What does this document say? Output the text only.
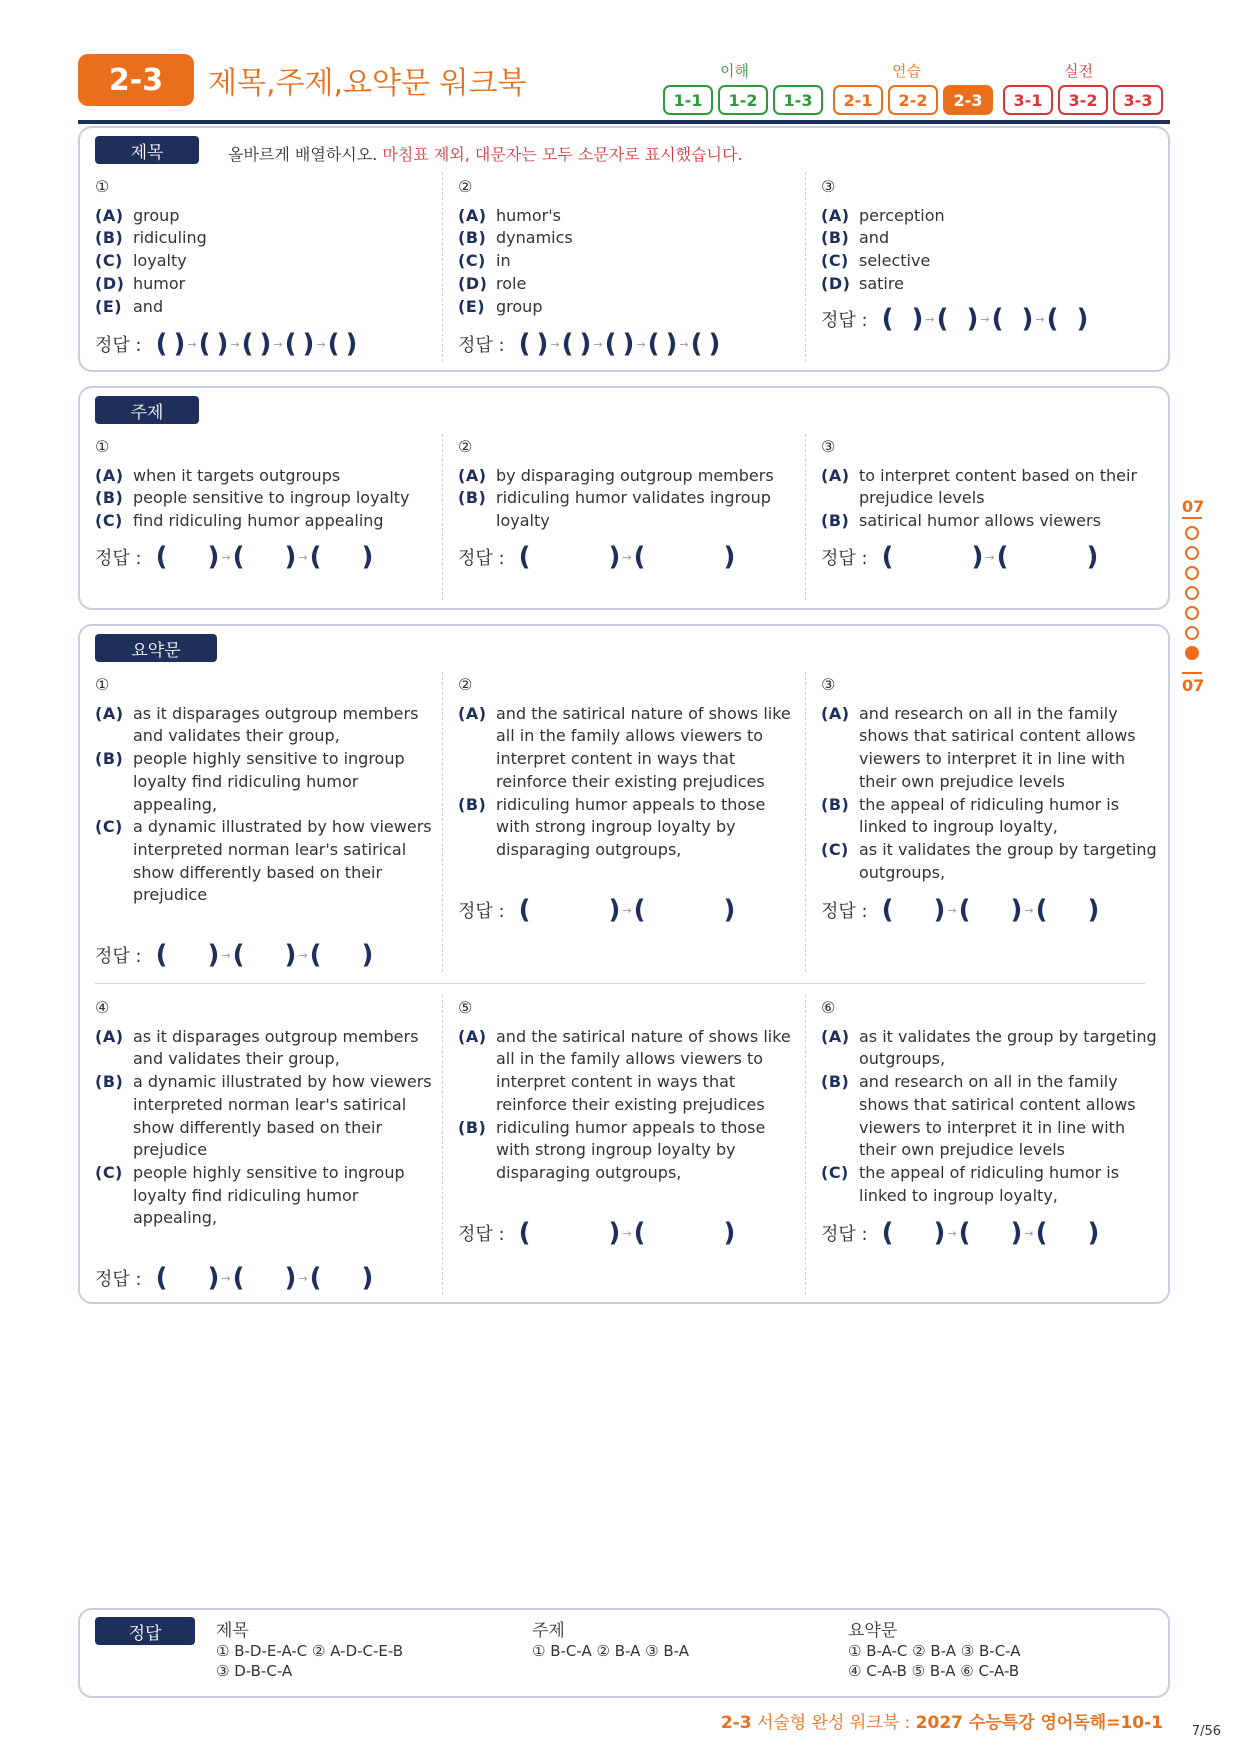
2-3	제목,주제,요약문 워크북	이해	연습	실전
1-1	1-2	1-3	2-1	2-2	2-3	3-1	3-2	3-3
제목	올바르게 배열하시오. 마침표 제외, 대문자는 모두 소문자로 표시했습니다.
①
(A) group
(B) ridiculing
(C) loyalty
(D) humor
(E) and
②
(A) humor's
(B) dynamics
(C) in
(D) role
(E) group
③
(A) perception
(B) and
(C) selective
(D) satire
정답 : ( ) → ( ) → ( ) → ( ) → ( )	정답 : ( ) → ( ) → ( ) → ( ) → ( )
정답 : ( ) → ( ) → ( ) → ( )
주제
①
(A) when it targets outgroups
(B) people sensitive to ingroup loyalty
(C) find ridiculing humor appealing
②
(A) by disparaging outgroup members
(B) ridiculing humor validates ingroup loyalty
③
(A) to interpret content based on their prejudice levels
(B) satirical humor allows viewers
정답 : ( ) → ( ) → ( )	정답 : (	) → (	)	정답 : (	) → (	)
요약문
①
(A) as it disparages outgroup members and validates their group,
(B) people highly sensitive to ingroup loyalty find ridiculing humor appealing,
(C) a dynamic illustrated by how viewers interpreted norman lear's satirical show differently based on their prejudice
②
(A) and the satirical nature of shows like all in the family allows viewers to interpret content in ways that reinforce their existing prejudices
(B) ridiculing humor appeals to those with strong ingroup loyalty by disparaging outgroups,
③
(A) and research on all in the family shows that satirical content allows viewers to interpret it in line with their own prejudice levels
(B) the appeal of ridiculing humor is linked to ingroup loyalty,
(C) as it validates the group by targeting outgroups,
정답 : ( ) → ( ) → ( )
정답 : (	) → (	)	정답 : ( ) → ( ) → ( )
④
(A) as it disparages outgroup members and validates their group,
(B) a dynamic illustrated by how viewers interpreted norman lear's satirical show differently based on their prejudice
(C) people highly sensitive to ingroup loyalty find ridiculing humor appealing,
⑤
(A) and the satirical nature of shows like all in the family allows viewers to interpret content in ways that reinforce their existing prejudices
(B) ridiculing humor appeals to those with strong ingroup loyalty by disparaging outgroups,
⑥
(A) as it validates the group by targeting outgroups,
(B) and research on all in the family shows that satirical content allows viewers to interpret it in line with their own prejudice levels
(C) the appeal of ridiculing humor is linked to ingroup loyalty,
정답 : ( ) → ( ) → ( )
정답 : (	) → (	)	정답 : ( ) → ( ) → ( )
07
07
정답	제목
① B-D-E-A-C ② A-D-C-E-B
③ D-B-C-A
주제
① B-C-A ② B-A ③ B-A
요약문
① B-A-C ② B-A ③ B-C-A
④ C-A-B ⑤ B-A ⑥ C-A-B
2-3 서술형 완성 워크북 : 2027 수능특강 영어독해=10-1 7/56
